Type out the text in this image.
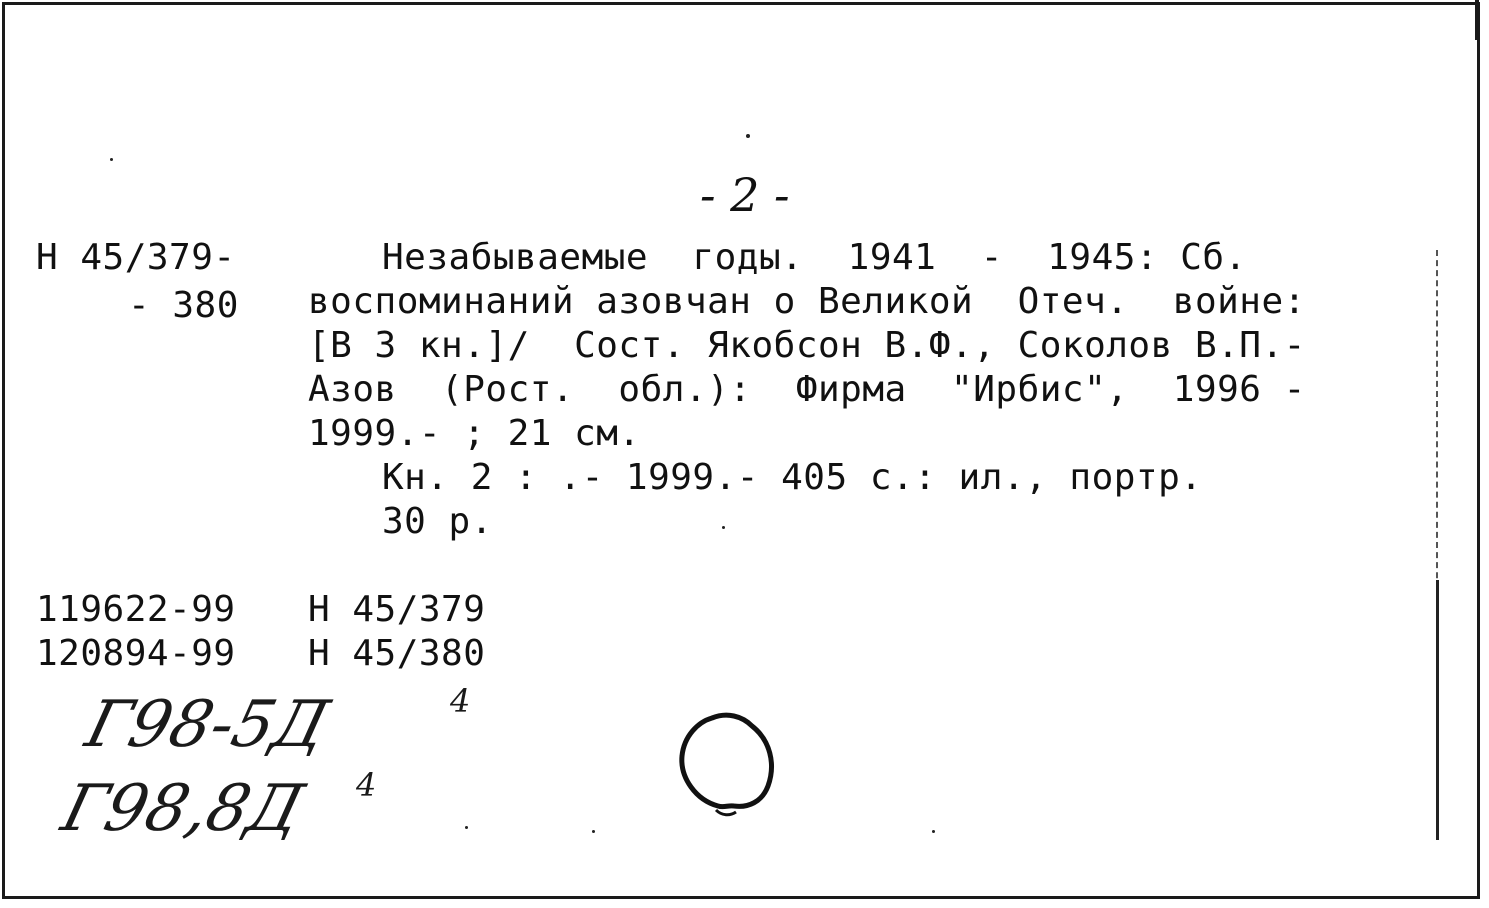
- 2 -
Н 45/379-
- 380
Незабываемые  годы.  1941  -  1945: Сб.
воспоминаний азовчан о Великой  Отеч.  войне:
[В 3 кн.]/  Сост. Якобсон В.Ф., Соколов В.П.-
Азов  (Рост.  обл.):  Фирма  "Ирбис",  1996 -
1999.- ; 21 см.
Кн. 2 : .- 1999.- 405 с.: ил., портр.
30 р.
119622-99 Н 45/379
120894-99 Н 45/380
Г98-5Д	4
Г98,8Д 4
